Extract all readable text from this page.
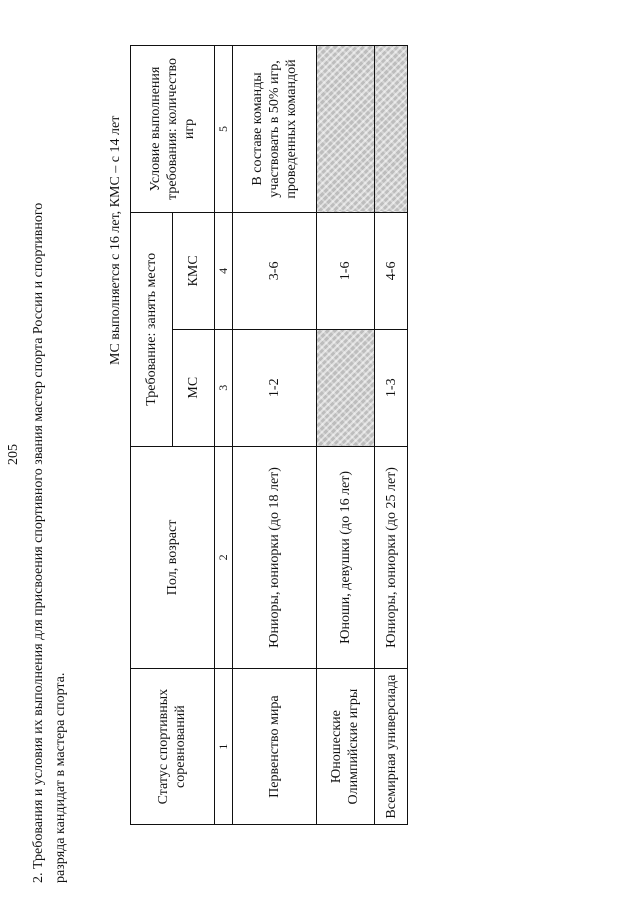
205 2. Требования и условия их выполнения для присвоения спортивного звания мастер спорта России и спортивного разряда кандидат в мастера спорта.

МС выполняется с 16 лет, КМС – с 14 лет
Статус спортивных соревнований	Пол, возраст	Требование: занять место		Условие выполнения требования: количество игр
		МС	КМС	
1	2	3	4	5
Первенство мира	Юниоры, юниорки (до 18 лет)	1-2	3-6	В составе команды участвовать в 50% игр, проведенных командой
Юношеские Олимпийские игры	Юноши, девушки (до 16 лет)		1-6	
Всемирная универсиада	Юниоры, юниорки (до 25 лет)	1-3	4-6	
